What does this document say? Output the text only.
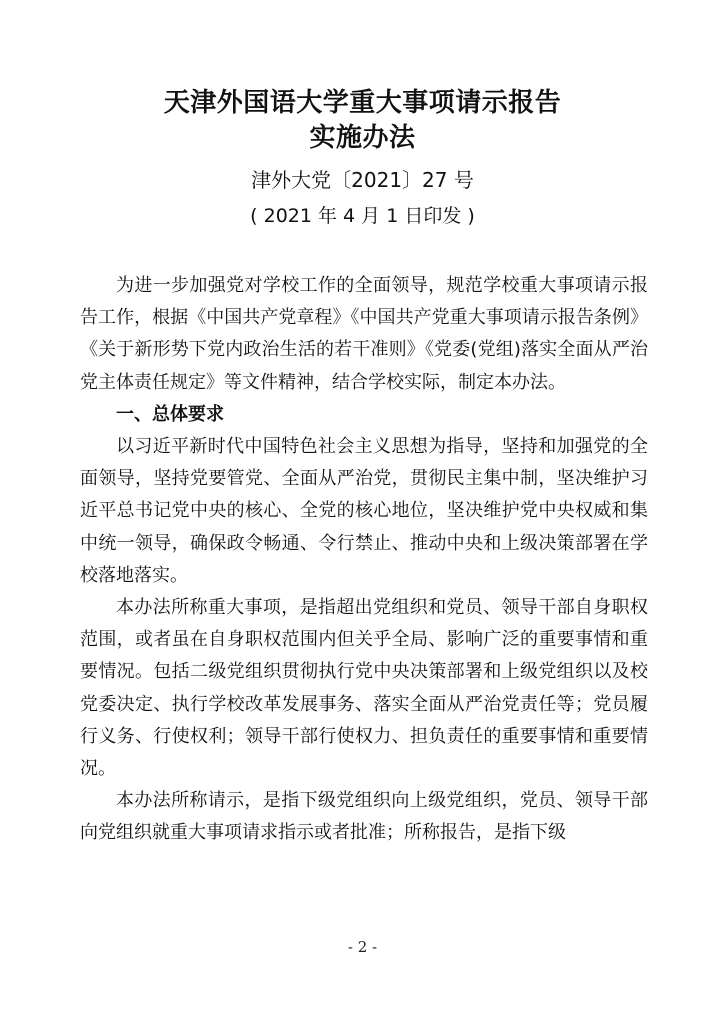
天津外国语大学重大事项请示报告
实施办法
津外大党〔2021〕27 号
( 2021 年 4 月 1 日印发 )

为进一步加强党对学校工作的全面领导，规范学校重大事项请示报告工作，根据《中国共产党章程》《中国共产党重大事项请示报告条例》《关于新形势下党内政治生活的若干准则》《党委(党组)落实全面从严治党主体责任规定》等文件精神，结合学校实际，制定本办法。

一、总体要求

以习近平新时代中国特色社会主义思想为指导，坚持和加强党的全面领导，坚持党要管党、全面从严治党，贯彻民主集中制，坚决维护习近平总书记党中央的核心、全党的核心地位，坚决维护党中央权威和集中统一领导，确保政令畅通、令行禁止、推动中央和上级决策部署在学校落地落实。

本办法所称重大事项，是指超出党组织和党员、领导干部自身职权范围，或者虽在自身职权范围内但关乎全局、影响广泛的重要事情和重要情况。包括二级党组织贯彻执行党中央决策部署和上级党组织以及校党委决定、执行学校改革发展事务、落实全面从严治党责任等；党员履行义务、行使权利；领导干部行使权力、担负责任的重要事情和重要情况。

本办法所称请示，是指下级党组织向上级党组织，党员、领导干部向党组织就重大事项请求指示或者批准；所称报告，是指下级

- 2 -
